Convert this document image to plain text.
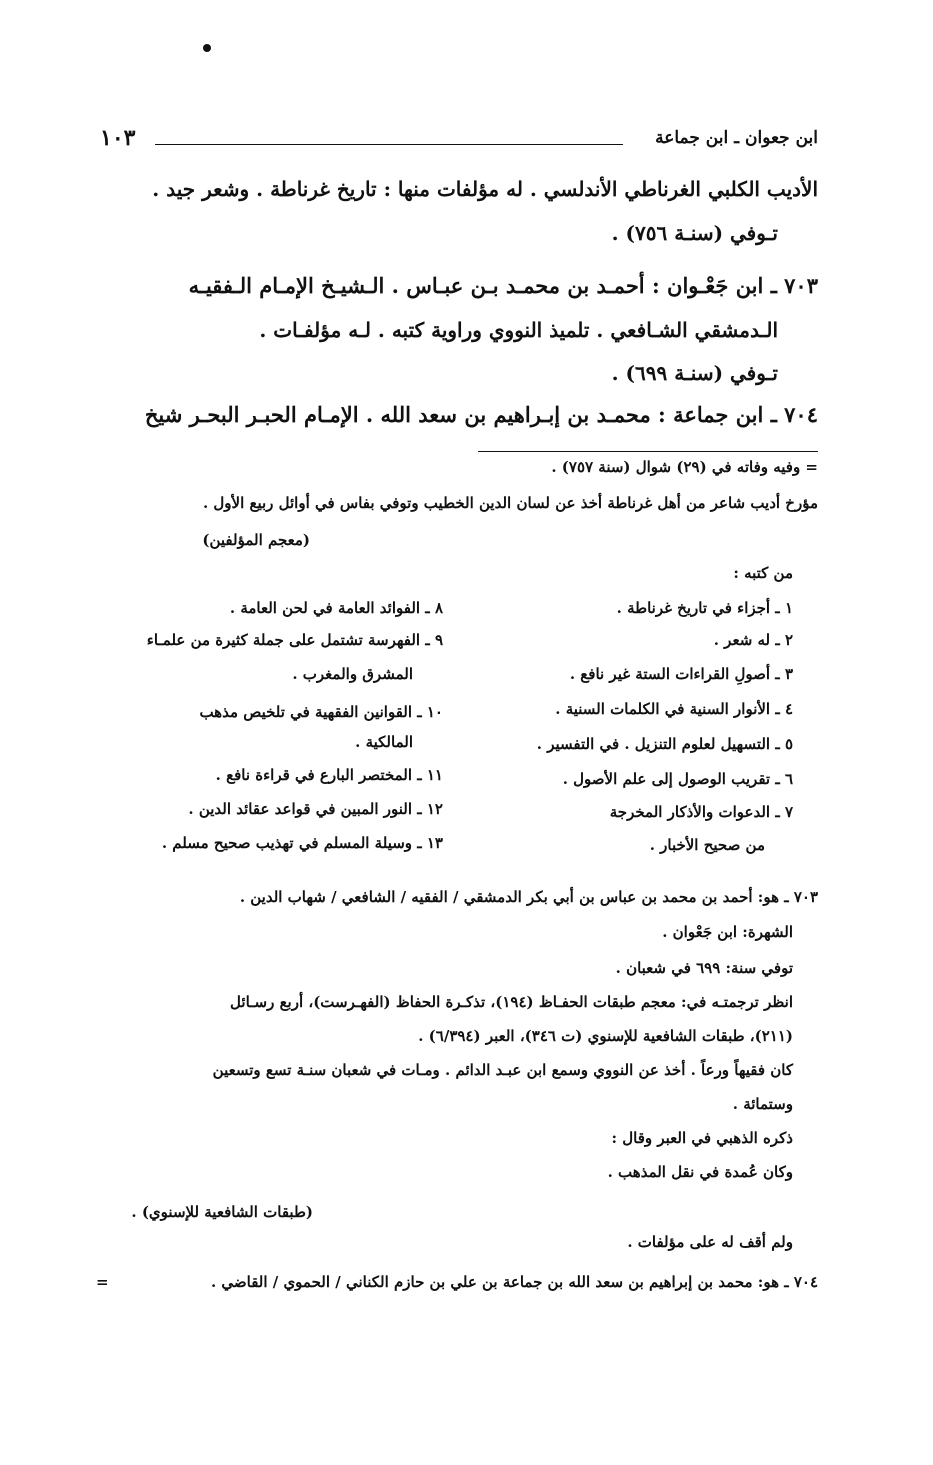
ابن جعوان ـ ابن جماعة
١٠٣
الأديب الكلبي الغرناطي الأندلسي . له مؤلفات منها : تاريخ غرناطة . وشعر جيد .
تـوفي (سنـة ٧٥٦) .
٧٠٣ ـ ابن جَعْـوان : أحمـد بن محمـد بـن عبـاس . الـشيـخ الإمـام الـفقيـه
الـدمشقي الشـافعي . تلميذ النووي وراوية كتبه . لـه مؤلفـات .
تـوفي (سنـة ٦٩٩) .
٧٠٤ ـ ابن جماعة : محمـد بن إبـراهيم بن سعد الله . الإمـام الحبـر البحـر شيخ
= وفيه وفاته في (٢٩) شوال (سنة ٧٥٧) .
مؤرخ أديب شاعر من أهل غرناطة أخذ عن لسان الدين الخطيب وتوفي بفاس في أوائل ربيع الأول .
(معجم المؤلفين)
من كتبه :
١ ـ أجزاء في تاريخ غرناطة .
٢ ـ له شعر .
٣ ـ أصولِ القراءات الستة غير نافع .
٤ ـ الأنوار السنية في الكلمات السنية .
٥ ـ التسهيل لعلوم التنزيل . في التفسير .
٦ ـ تقريب الوصول إلى علم الأصول .
٧ ـ الدعوات والأذكار المخرجة
من صحيح الأخبار .
٨ ـ الفوائد العامة في لحن العامة .
٩ ـ الفهرسة تشتمل على جملة كثيرة من علمـاء
المشرق والمغرب .
١٠ ـ القوانين الفقهية في تلخيص مذهب
المالكية .
١١ ـ المختصر البارع في قراءة نافع .
١٢ ـ النور المبين في قواعد عقائد الدين .
١٣ ـ وسيلة المسلم في تهذيب صحيح مسلم .
٧٠٣ ـ هو: أحمد بن محمد بن عباس بن أبي بكر الدمشقي / الفقيه / الشافعي / شهاب الدين .
الشهرة: ابن جَعْوان .
توفي سنة: ٦٩٩ في شعبان .
انظر ترجمتـه في: معجم طبقات الحفـاظ (١٩٤)، تذكـرة الحفاظ (الفهـرست)، أربع رسـائل
(٢١١)، طبقات الشافعية للإسنوي (ت ٣٤٦)، العبر (٦/٣٩٤) .
كان فقيهاً ورعاً . أخذ عن النووي وسمع ابن عبـد الدائم . ومـات في شعبان سنـة تسع وتسعين
وستمائة .
ذكره الذهبي في العبر وقال :
وكان عُمدة في نقل المذهب .
(طبقات الشافعية للإسنوي) .
ولم أقف له على مؤلفات .
٧٠٤ ـ هو: محمد بن إبراهيم بن سعد الله بن جماعة بن علي بن حازم الكناني / الحموي / القاضي .
=
